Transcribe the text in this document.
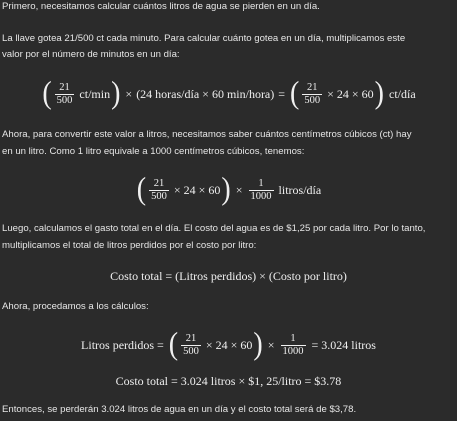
Primero, necesitamos calcular cuántos litros de agua se pierden en un día.

La llave gotea 21/500 ct cada minuto. Para calcular cuánto gotea en un día, multiplicamos este

valor por el número de minutos en un día:

( $\frac{21}{500} ct/\min$ ) × (24 horas/día × 60 min/hora) = ( $\frac{21}{500} \times 24 \times 60$ ) ct/día

Ahora, para convertir este valor a litros, necesitamos saber cuántos centímetros cúbicos (ct) hay

en un litro. Como 1 litro equivale a 1000 centímetros cúbicos, tenemos:

( $\frac{21}{500} \times 24 \times 60$ ) × $\frac{1}{1000}$ litros/día

Luego, calculamos el gasto total en el día. El costo del agua es de $1,25 por cada litro. Por lo tanto,

multiplicamos el total de litros perdidos por el costo por litro:

Costo total = (Litros perdidos) × (Costo por litro)

Ahora, procedamos a los cálculos:

Litros perdidos = ( $\frac{21}{500} \times 24 \times 60$ ) × $\frac{1}{1000} = 3.024$ litros
Costo total = 3.024 litros × $1, 25/litro = $3.78

Entonces, se perderán 3.024 litros de agua en un día y el costo total será de $3,78.
